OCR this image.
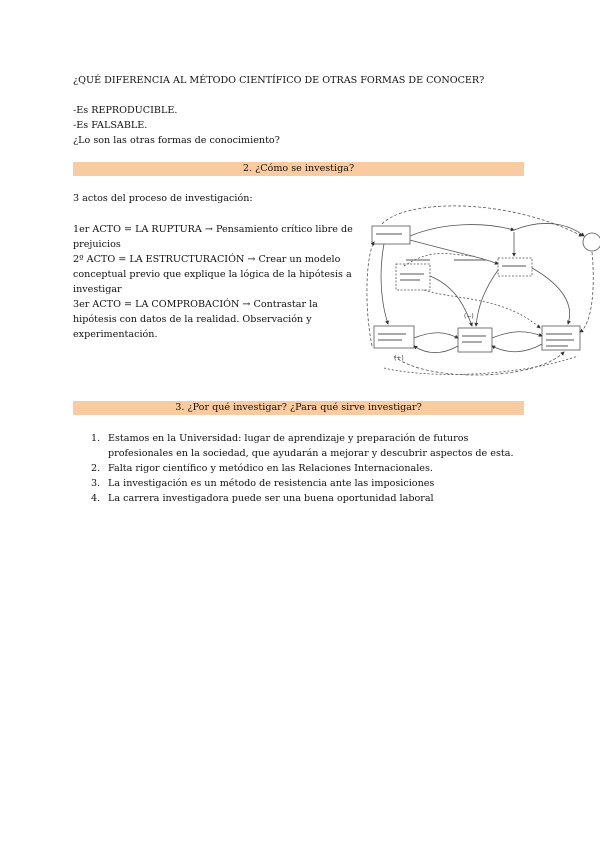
¿QUÉ DIFERENCIA AL MÉTODO CIENTÍFICO DE OTRAS FORMAS DE CONOCER?
-Es REPRODUCIBLE.
-Es FALSABLE.
¿Lo son las otras formas de conocimiento?
2. ¿Cómo se investiga?
3 actos del proceso de investigación:
1er ACTO = LA RUPTURA → Pensamiento crítico libre de prejuicios
2º ACTO = LA ESTRUCTURACIÓN → Crear un modelo conceptual previo que explique la lógica de la hipótesis a investigar
3er ACTO = LA COMPROBACIÓN → Contrastar la hipótesis con datos de la realidad. Observación y experimentación.
(+)
(−)
3. ¿Por qué investigar? ¿Para qué sirve investigar?
1. Estamos en la Universidad: lugar de aprendizaje y preparación de futuros profesionales en la sociedad, que ayudarán a mejorar y descubrir aspectos de esta.
2. Falta rigor científico y metódico en las Relaciones Internacionales.
3. La investigación es un método de resistencia ante las imposiciones
4. La carrera investigadora puede ser una buena oportunidad laboral
